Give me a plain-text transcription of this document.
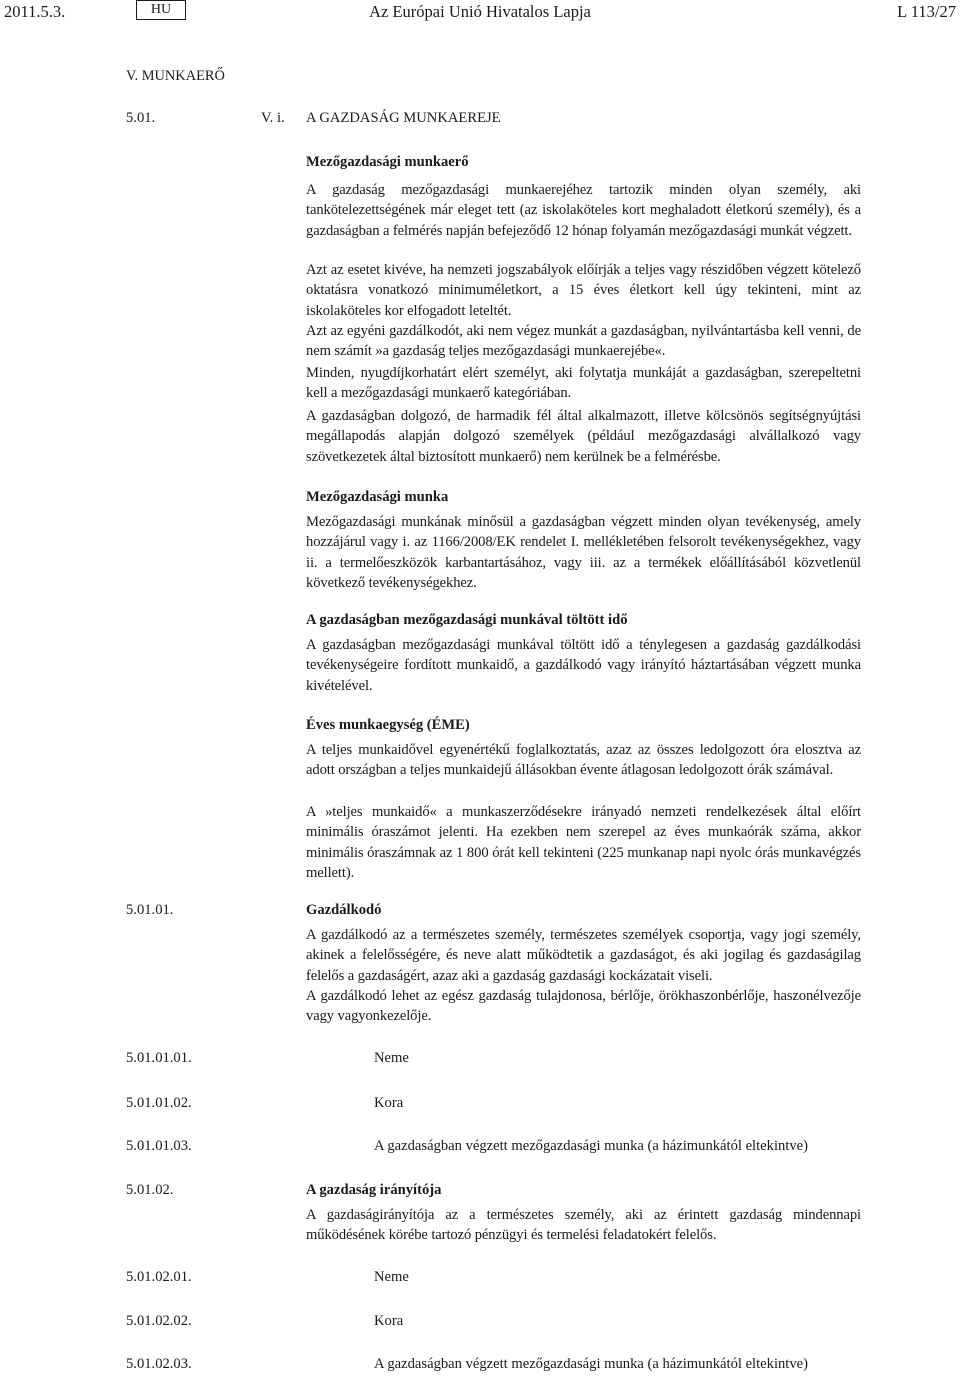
2011.5.3.	HU	Az Európai Unió Hivatalos Lapja	L 113/27
V. MUNKAERŐ
5.01.	V. i. A GAZDASÁG MUNKAEREJE
Mezőgazdasági munkaerő

A gazdaság mezőgazdasági munkaerejéhez tartozik minden olyan személy, aki tankötelezettségének már eleget tett (az iskolaköteles kort meghaladott életkorú személy), és a gazdaságban a felmérés napján befejeződő 12 hónap folyamán mezőgazdasági munkát végzett.

Azt az esetet kivéve, ha nemzeti jogszabályok előírják a teljes vagy részidőben végzett kötelező oktatásra vonatkozó minimuméletkort, a 15 éves életkort kell úgy tekinteni, mint az iskolaköteles kor elfogadott leteltét.

Azt az egyéni gazdálkodót, aki nem végez munkát a gazdaságban, nyilvántartásba kell venni, de nem számít »a gazdaság teljes mezőgazdasági munkaerejébe«.

Minden, nyugdíjkorhatárt elért személyt, aki folytatja munkáját a gazdaságban, szerepeltetni kell a mezőgazdasági munkaerő kategóriában.

A gazdaságban dolgozó, de harmadik fél által alkalmazott, illetve kölcsönös segítségnyújtási megállapodás alapján dolgozó személyek (például mezőgazdasági alvállalkozó vagy szövetkezetek által biztosított munkaerő) nem kerülnek be a felmérésbe.

Mezőgazdasági munka

Mezőgazdasági munkának minősül a gazdaságban végzett minden olyan tevékenység, amely hozzájárul vagy i. az 1166/2008/EK rendelet I. mellékletében felsorolt tevékenységekhez, vagy ii. a termelőeszközök karbantartásához, vagy iii. az a termékek előállításából közvetlenül következő tevékenységekhez.

A gazdaságban mezőgazdasági munkával töltött idő

A gazdaságban mezőgazdasági munkával töltött idő a ténylegesen a gazdaság gazdálkodási tevékenységeire fordított munkaidő, a gazdálkodó vagy irányító háztartásában végzett munka kivételével.

Éves munkaegység (ÉME)

A teljes munkaidővel egyenértékű foglalkoztatás, azaz az összes ledolgozott óra elosztva az adott országban a teljes munkaidejű állásokban évente átlagosan ledolgozott órák számával.

A »teljes munkaidő« a munkaszerződésekre irányadó nemzeti rendelkezések által előírt minimális óraszámot jelenti. Ha ezekben nem szerepel az éves munkaórák száma, akkor minimális óraszámnak az 1 800 órát kell tekinteni (225 munkanap napi nyolc órás munkavégzés mellett).

5.01.01.	Gazdálkodó

A gazdálkodó az a természetes személy, természetes személyek csoportja, vagy jogi személy, akinek a felelősségére, és neve alatt működtetik a gazdaságot, és aki jogilag és gazdaságilag felelős a gazdaságért, azaz aki a gazdaság gazdasági kockázatait viseli.

A gazdálkodó lehet az egész gazdaság tulajdonosa, bérlője, örökhaszonbérlője, haszonélvezője vagy vagyonkezelője.

5.01.01.01.	Neme
5.01.01.02.	Kora
5.01.01.03.	A gazdaságban végzett mezőgazdasági munka (a házimunkától eltekintve)
5.01.02.	A gazdaság irányítója

A gazdaságirányítója az a természetes személy, aki az érintett gazdaság mindennapi működésének körébe tartozó pénzügyi és termelési feladatokért felelős.

5.01.02.01.	Neme
5.01.02.02.	Kora
5.01.02.03.	A gazdaságban végzett mezőgazdasági munka (a házimunkától eltekintve)
